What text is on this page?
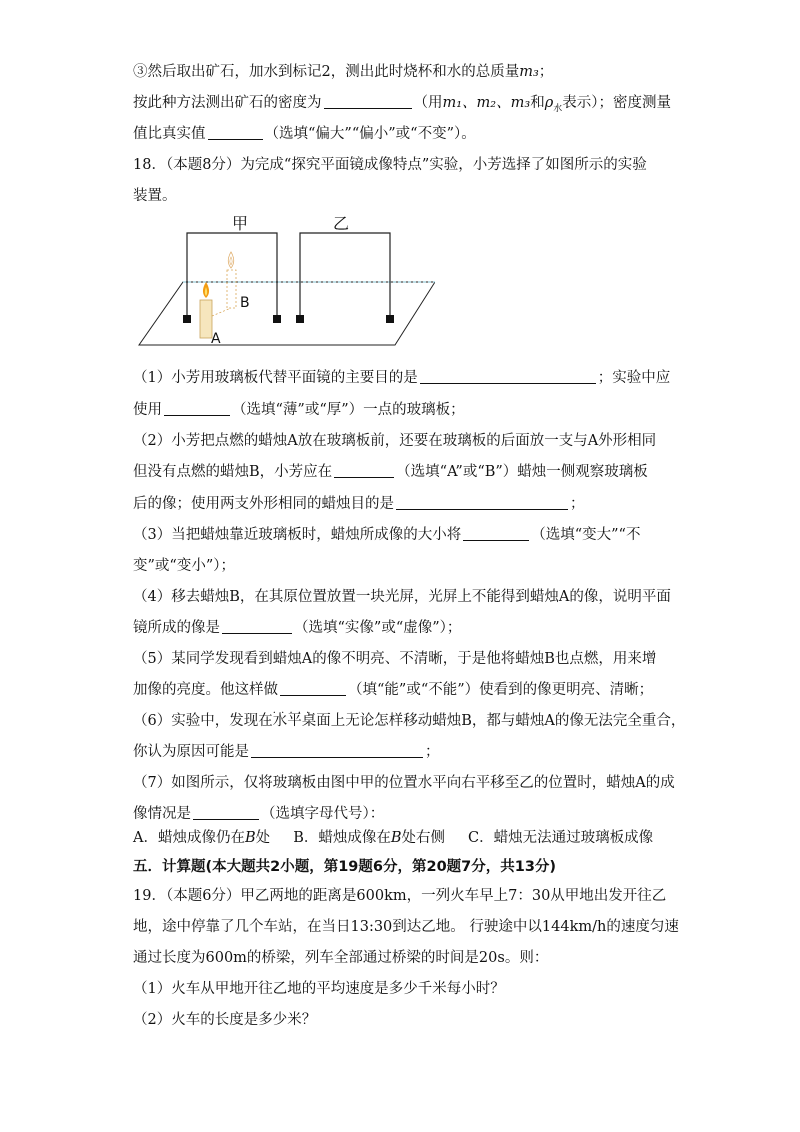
③然后取出矿石，加水到标记2，测出此时烧杯和水的总质量m₃；
按此种方法测出矿石的密度为	（用m₁、m₂、m₃和$\rho_水$表示）；密度测量
值比真实值	（选填“偏大”“偏小”或“不变”）。
18．（本题8分）为完成“探究平面镜成像特点”实验，小芳选择了如图所示的实验
装置。
甲	乙
B
A
（1）小芳用玻璃板代替平面镜的主要目的是	；实验中应
使用	（选填“薄”或“厚”）一点的玻璃板；
（2）小芳把点燃的蜡烛A放在玻璃板前，还要在玻璃板的后面放一支与A外形相同
但没有点燃的蜡烛B，小芳应在	（选填“A”或“B”）蜡烛一侧观察玻璃板
后的像；使用两支外形相同的蜡烛目的是	；
（3）当把蜡烛靠近玻璃板时，蜡烛所成像的大小将	（选填“变大”“不
变”或“变小”）；
（4）移去蜡烛B，在其原位置放置一块光屏，光屏上不能得到蜡烛A的像，说明平面
镜所成的像是	（选填“实像”或“虚像”）；
（5）某同学发现看到蜡烛A的像不明亮、不清晰，于是他将蜡烛B也点燃，用来增
加像的亮度。他这样做	（填“能”或“不能”）使看到的像更明亮、清晰；
（6）实验中，发现在水平桌面上 · · ·无论怎样移动蜡烛B，都与蜡烛A的像无法完全重合，
你认为原因可能是	；
（7）如图所示，仅将玻璃板由图中甲的位置水平向右平移至乙的位置时，蜡烛A的成
像情况是	（选填字母代号）：
A．蜡烛成像仍在B处 B．蜡烛成像在B处右侧 C．蜡烛无法通过玻璃板成像
五．计算题(本大题共2小题，第19题6分，第20题7分，共13分)
19．（本题6分）甲乙两地的距离是600km，一列火车早上7：30从甲地出发开往乙
地，途中停靠了几个车站，在当日13:30到达乙地。 行驶途中以144km/h的速度匀速
通过长度为600m的桥梁，列车全部通过桥梁的时间是20s。则：
（1）火车从甲地开往乙地的平均速度是多少千米每小时？
（2）火车的长度是多少米？
